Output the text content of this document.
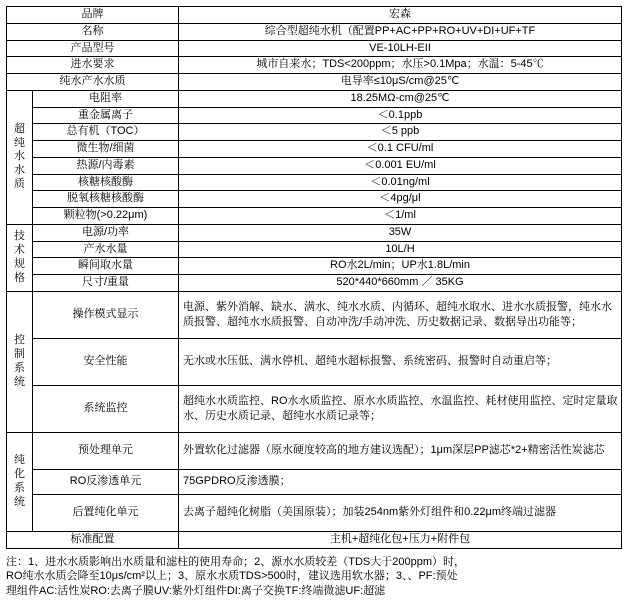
品牌		宏森
名称		综合型超纯水机（配置PP+AC+PP+RO+UV+DI+UF+TF
产品型号		VE-10LH-EII
进水要求		城市自来水；TDS<200ppm；水压>0.1Mpa；水温：5-45℃
纯水产水水质		电导率≤10μS/cm@25℃

超
纯
水
水
质	电阻率	18.25MΩ-cm@25℃
	重金属离子	＜0.1ppb
	总有机（TOC）	＜5 ppb
	微生物/细菌	＜0.1 CFU/ml
	热源/内毒素	＜0.001 EU/ml
	核糖核酸酶	＜0.01ng/ml
	脱氧核糖核酸酶	＜4pg/μl
	颗粒物(>0.22μm)	＜1/ml

技
术
规
格	电源/功率	35W
	产水水量	10L/H
	瞬间取水量	RO水2L/min；UP水1.8L/min
	尺寸/重量	520*440*660mm ／ 35KG

控
制
系
统	操作模式显示	电源、紫外消解、缺水、满水、纯水水质、内循环、超纯水取水、进水水质报警，纯水水质报警、超纯水水质报警、自动冲洗/手动冲洗、历史数据记录、数据导出功能等；
	安全性能	无水或水压低、满水停机、超纯水超标报警、系统密码、报警时自动重启等；
	系统监控	超纯水水质监控、RO水水质监控、原水水质监控、水温监控、耗材使用监控、定时定量取水、历史水质记录、超纯水水质记录等；

纯
化
系
统	预处理单元	外置软化过滤器（原水硬度较高的地方建议选配）；1μm深层PP滤芯*2+精密活性炭滤芯
	RO反渗透单元	75GPDRO反渗透膜；
	后置纯化单元	去离子超纯化树脂（美国原装）；加装254nm紫外灯组件和0.22μm终端过滤器
标准配置		主机+超纯化包+压力+附件包

注：1、进水水质影响出水质量和滤柱的使用寿命；2、源水水质较差（TDS大于200ppm）时，

RO纯水水质会降至10μs/cm²以上；3、原水水质TDS>500时，建议选用软水器；3、、PF:预处

理组件AC:活性炭RO:去离子膜UV:紫外灯组件DI:离子交换TF:终端微滤UF:超滤
